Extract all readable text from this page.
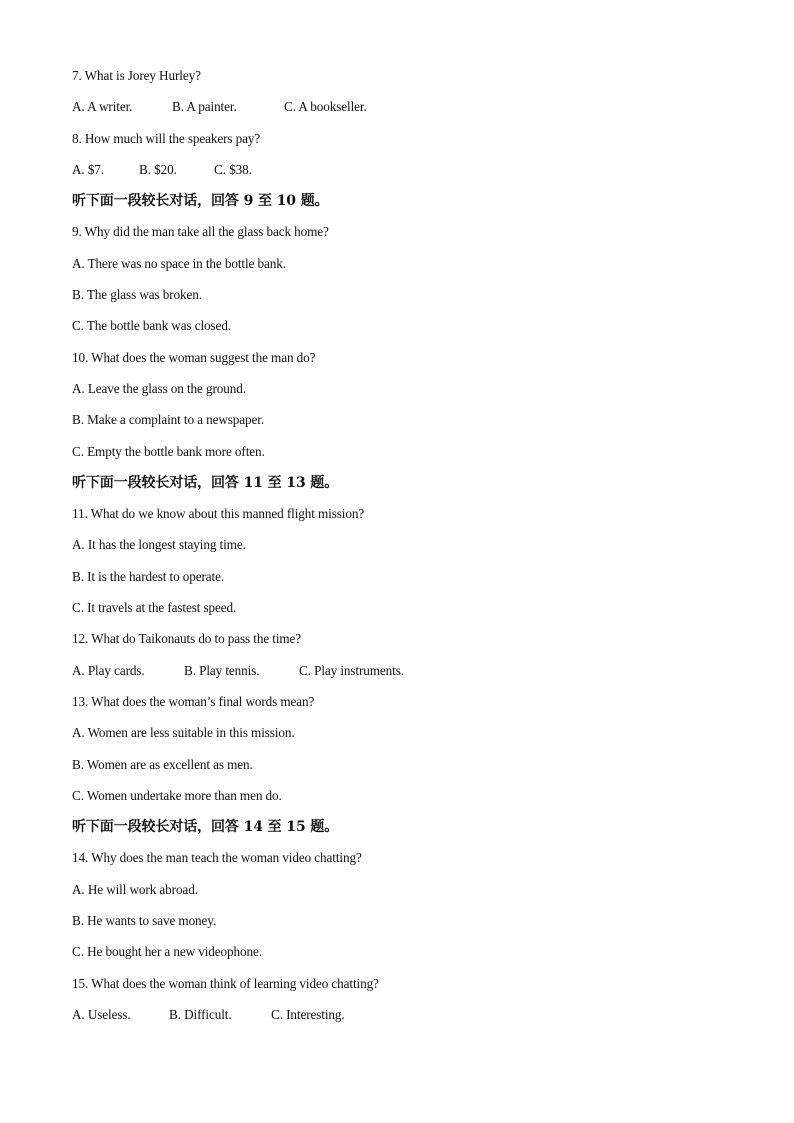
7. What is Jorey Hurley?
A. A writer.	B. A painter.	C. A bookseller.
8. How much will the speakers pay?
A. $7.	B. $20.	C. $38.
听下面一段较长对话，回答 9 至 10 题。
9. Why did the man take all the glass back home?
A. There was no space in the bottle bank.
B. The glass was broken.
C. The bottle bank was closed.
10. What does the woman suggest the man do?
A. Leave the glass on the ground.
B. Make a complaint to a newspaper.
C. Empty the bottle bank more often.
听下面一段较长对话，回答 11 至 13 题。
11. What do we know about this manned flight mission?
A. It has the longest staying time.
B. It is the hardest to operate.
C. It travels at the fastest speed.
12. What do Taikonauts do to pass the time?
A. Play cards.	B. Play tennis.	C. Play instruments.
13. What does the woman’s final words mean?
A. Women are less suitable in this mission.
B. Women are as excellent as men.
C. Women undertake more than men do.
听下面一段较长对话，回答 14 至 15 题。
14. Why does the man teach the woman video chatting?
A. He will work abroad.
B. He wants to save money.
C. He bought her a new videophone.
15. What does the woman think of learning video chatting?
A. Useless.	B. Difficult.	C. Interesting.
